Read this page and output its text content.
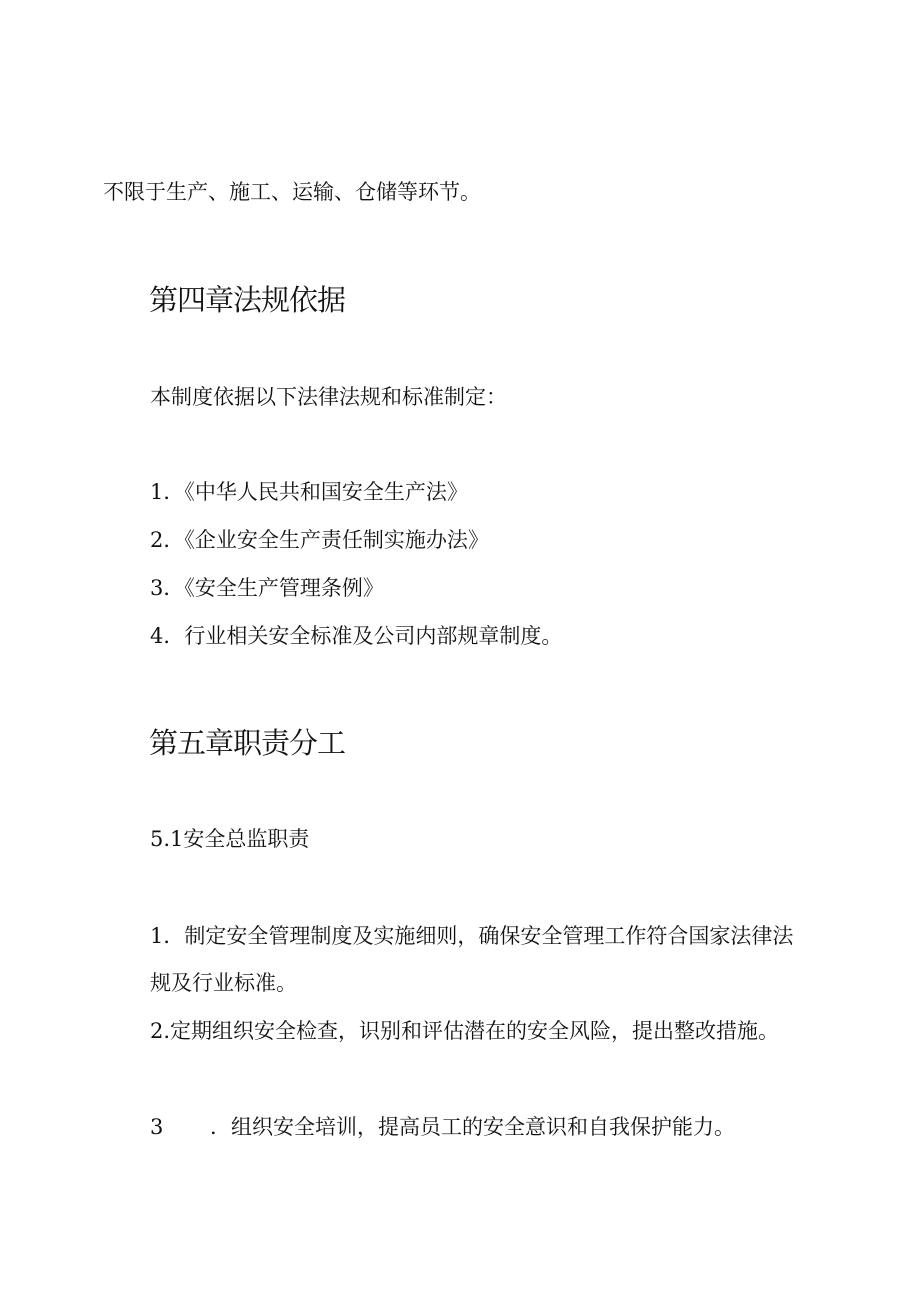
不限于生产、施工、运输、仓储等环节。
第四章法规依据
本制度依据以下法律法规和标准制定：
1．《中华人民共和国安全生产法》
2．《企业安全生产责任制实施办法》
3．《安全生产管理条例》
4．行业相关安全标准及公司内部规章制度。
第五章职责分工
5.1安全总监职责
1．制定安全管理制度及实施细则，确保安全管理工作符合国家法律法
规及行业标准。
2.定期组织安全检查，识别和评估潜在的安全风险，提出整改措施。
3 ．组织安全培训，提高员工的安全意识和自我保护能力。
